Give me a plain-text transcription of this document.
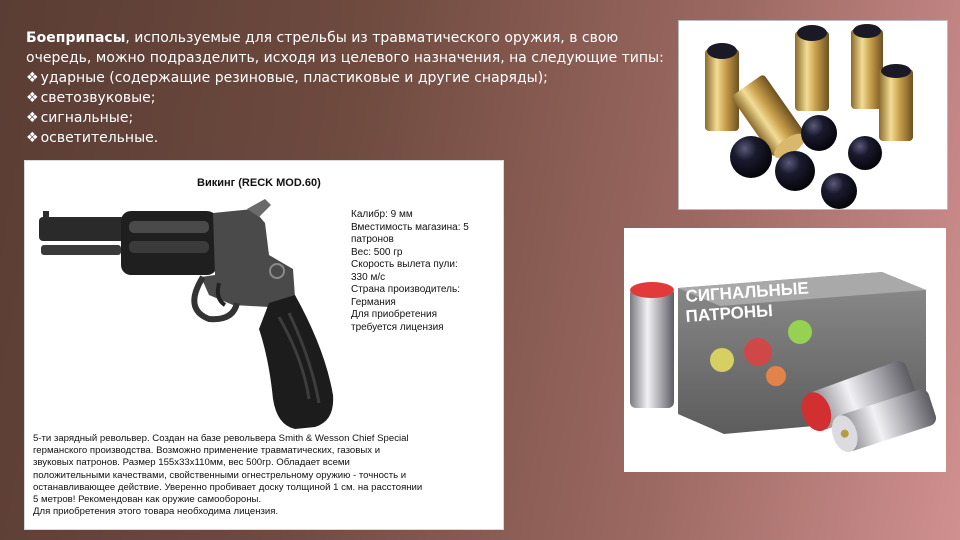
Боеприпасы, используемые для стрельбы из травматического оружия, в свою очередь, можно подразделить, исходя из целевого назначения, на следующие типы:
❖ ударные (содержащие резиновые, пластиковые и другие снаряды);
❖ светозвуковые;
❖ сигнальные;
❖ осветительные.
Викинг (RECK MOD.60)
Калибр: 9 мм
Вместимость магазина: 5
патронов
Вес: 500 гр
Скорость вылета пули:
330 м/с
Страна производитель:
Германия
Для приобретения
требуется лицензия
5-ти зарядный револьвер. Создан на базе револьвера Smith & Wesson Chief Special
германского производства. Возможно применение травматических, газовых и
звуковых патронов. Размер 155х33х110мм, вес 500гр. Обладает всеми
положительными качествами, свойственными огнестрельному оружию - точность и
останавливающее действие. Уверенно пробивает доску толщиной 1 см. на расстоянии
5 метров! Рекомендован как оружие самообороны.
Для приобретения этого товара необходима лицензия.
СИГНАЛЬНЫЕ
ПАТРОНЫ
